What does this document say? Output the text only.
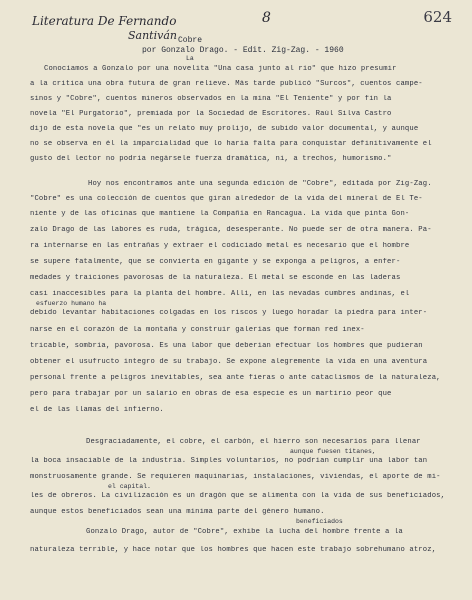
Literatura De Fernando
Santiván
8	624
Cobre
por Gonzalo Drago. - Edit. Zig-Zag. - 1960
La
Conocíamos a Gonzalo por una novelita "Una casa junto al río" que hizo presumir
a la crítica una obra futura de gran relieve. Más tarde publicó "Surcos", cuentos campe-
sinos y "Cobre", cuentos mineros observados en la mina "El Teniente" y por fin la
novela "El Purgatorio", premiada por la Sociedad de Escritores. Raúl Silva Castro
dijo de esta novela que "es un relato muy prolijo, de subido valor documental, y aunque
no se observa en él la imparcialidad que lo haría falta para conquistar definitivamente el
gusto del lector no podría negársele fuerza dramática, ni, a trechos, humorismo."
Hoy nos encontramos ante una segunda edición de "Cobre", editada por Zig-Zag.
"Cobre" es una colección de cuentos que giran alrededor de la vida del mineral de El Te-
niente y de las oficinas que mantiene la Compañía en Rancagua. La vida que pinta Gon-
zalo Drago de las labores es ruda, trágica, desesperante. No puede ser de otra manera. Pa-
ra internarse en las entrañas y extraer el codiciado metal es necesario que el hombre
se supere fatalmente, que se convierta en gigante y se exponga a peligros, a enfer-
medades y traiciones pavorosas de la naturaleza. El metal se esconde en las laderas
casi inaccesibles para la planta del hombre. Allí, en las nevadas cumbres andinas, el
esfuerzo humano ha
debido levantar habitaciones colgadas en los riscos y luego horadar la piedra para inter-
narse en el corazón de la montaña y construir galerías que forman red inex-
tricable, sombría, pavorosa. Es una labor que deberían efectuar los hombres que pudieran
obtener el usufructo íntegro de su trabajo. Se expone alegremente la vida en una aventura
personal frente a peligros inevitables, sea ante fieras o ante cataclismos de la naturaleza,
pero para trabajar por un salario en obras de esa especie es un martirio peor que
el de las llamas del infierno.
Desgraciadamente, el cobre, el carbón, el hierro son necesarios para llenar
aunque fuesen titanes,
la boca insaciable de la industria. Simples voluntarios, no podrían cumplir una labor tan
monstruosamente grande. Se requieren maquinarias, instalaciones, viviendas, el aporte de mi-
el capital.
les de obreros. La civilización es un dragón que se alimenta con la vida de sus beneficiados,
aunque estos beneficiados sean una mínima parte del género humano.
beneficiados
Gonzalo Drago, autor de "Cobre", exhibe la lucha del hombre frente a la
naturaleza terrible, y hace notar que los hombres que hacen este trabajo sobrehumano atroz,
